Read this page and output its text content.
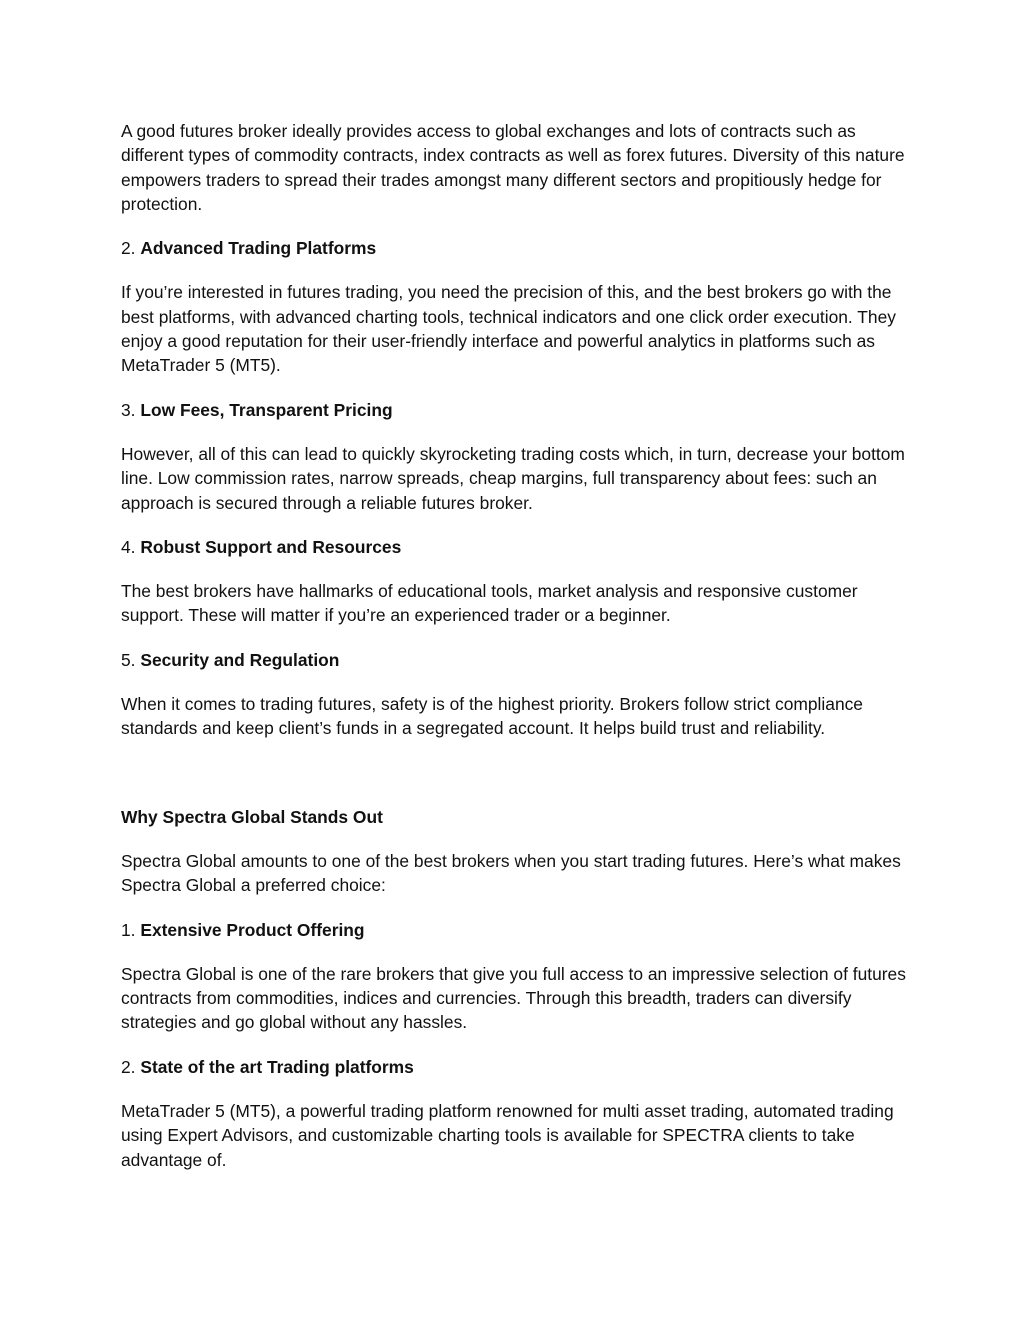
A good futures broker ideally provides access to global exchanges and lots of contracts such as different types of commodity contracts, index contracts as well as forex futures. Diversity of this nature empowers traders to spread their trades amongst many different sectors and propitiously hedge for protection.

2. Advanced Trading Platforms

If you’re interested in futures trading, you need the precision of this, and the best brokers go with the best platforms, with advanced charting tools, technical indicators and one click order execution. They enjoy a good reputation for their user-friendly interface and powerful analytics in platforms such as MetaTrader 5 (MT5).

3. Low Fees, Transparent Pricing

However, all of this can lead to quickly skyrocketing trading costs which, in turn, decrease your bottom line. Low commission rates, narrow spreads, cheap margins, full transparency about fees: such an approach is secured through a reliable futures broker.

4. Robust Support and Resources

The best brokers have hallmarks of educational tools, market analysis and responsive customer support. These will matter if you’re an experienced trader or a beginner.

5. Security and Regulation

When it comes to trading futures, safety is of the highest priority. Brokers follow strict compliance standards and keep client’s funds in a segregated account. It helps build trust and reliability.

Why Spectra Global Stands Out

Spectra Global amounts to one of the best brokers when you start trading futures. Here’s what makes Spectra Global a preferred choice:

1. Extensive Product Offering

Spectra Global is one of the rare brokers that give you full access to an impressive selection of futures contracts from commodities, indices and currencies. Through this breadth, traders can diversify strategies and go global without any hassles.

2. State of the art Trading platforms

MetaTrader 5 (MT5), a powerful trading platform renowned for multi asset trading, automated trading using Expert Advisors, and customizable charting tools is available for SPECTRA clients to take advantage of.
